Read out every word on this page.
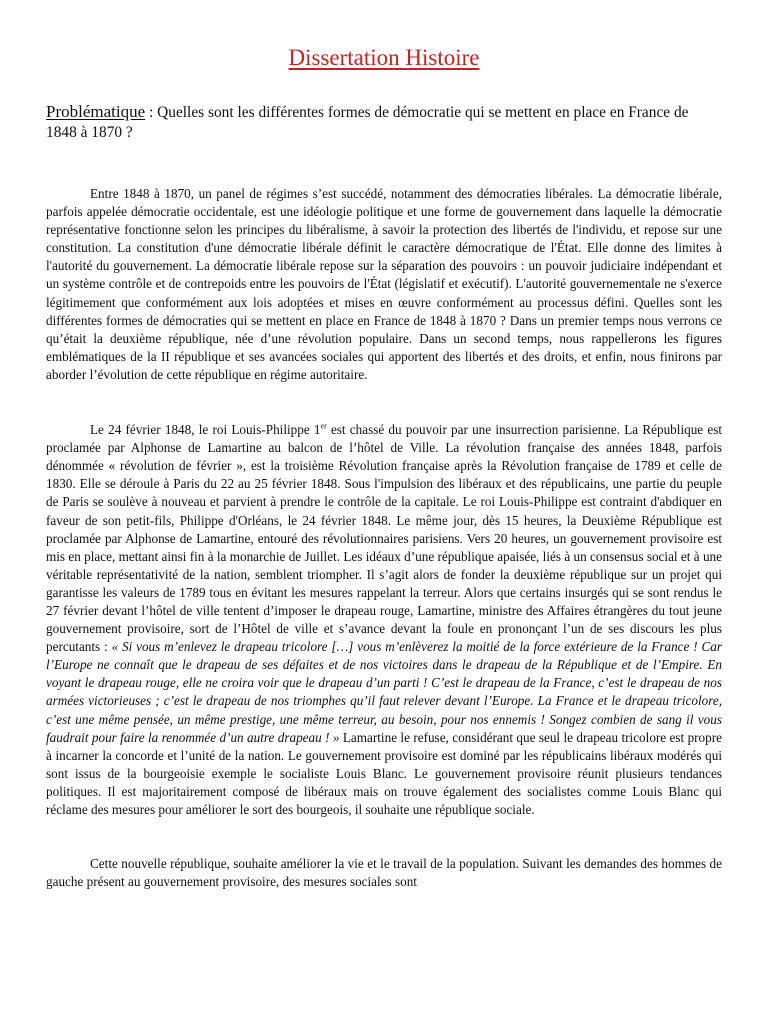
Dissertation Histoire

Problématique : Quelles sont les différentes formes de démocratie qui se mettent en place en France de 1848 à 1870 ?

Entre 1848 à 1870, un panel de régimes s’est succédé, notamment des démocraties libérales. La démocratie libérale, parfois appelée démocratie occidentale, est une idéologie politique et une forme de gouvernement dans laquelle la démocratie représentative fonctionne selon les principes du libéralisme, à savoir la protection des libertés de l'individu, et repose sur une constitution. La constitution d'une démocratie libérale définit le caractère démocratique de l'État. Elle donne des limites à l'autorité du gouvernement. La démocratie libérale repose sur la séparation des pouvoirs : un pouvoir judiciaire indépendant et un système contrôle et de contrepoids entre les pouvoirs de l'État (législatif et exécutif). L'autorité gouvernementale ne s'exerce légitimement que conformément aux lois adoptées et mises en œuvre conformément au processus défini. Quelles sont les différentes formes de démocraties qui se mettent en place en France de 1848 à 1870 ? Dans un premier temps nous verrons ce qu’était la deuxième république, née d’une révolution populaire. Dans un second temps, nous rappellerons les figures emblématiques de la II république et ses avancées sociales qui apportent des libertés et des droits, et enfin, nous finirons par aborder l’évolution de cette république en régime autoritaire.

Le 24 février 1848, le roi Louis-Philippe 1er est chassé du pouvoir par une insurrection parisienne. La République est proclamée par Alphonse de Lamartine au balcon de l’hôtel de Ville. La révolution française des années 1848, parfois dénommée « révolution de février », est la troisième Révolution française après la Révolution française de 1789 et celle de 1830. Elle se déroule à Paris du 22 au 25 février 1848. Sous l'impulsion des libéraux et des républicains, une partie du peuple de Paris se soulève à nouveau et parvient à prendre le contrôle de la capitale. Le roi Louis-Philippe est contraint d'abdiquer en faveur de son petit-fils, Philippe d'Orléans, le 24 février 1848. Le même jour, dès 15 heures, la Deuxième République est proclamée par Alphonse de Lamartine, entouré des révolutionnaires parisiens. Vers 20 heures, un gouvernement provisoire est mis en place, mettant ainsi fin à la monarchie de Juillet. Les idéaux d’une république apaisée, liés à un consensus social et à une véritable représentativité de la nation, semblent triompher. Il s’agit alors de fonder la deuxième république sur un projet qui garantisse les valeurs de 1789 tous en évitant les mesures rappelant la terreur. Alors que certains insurgés qui se sont rendus le 27 février devant l’hôtel de ville tentent d’imposer le drapeau rouge, Lamartine, ministre des Affaires étrangères du tout jeune gouvernement provisoire, sort de l’Hôtel de ville et s’avance devant la foule en prononçant l’un de ses discours les plus percutants : « Si vous m’enlevez le drapeau tricolore […] vous m’enlèverez la moitié de la force extérieure de la France ! Car l’Europe ne connaît que le drapeau de ses défaites et de nos victoires dans le drapeau de la République et de l’Empire. En voyant le drapeau rouge, elle ne croira voir que le drapeau d’un parti ! C’est le drapeau de la France, c’est le drapeau de nos armées victorieuses ; c’est le drapeau de nos triomphes qu’il faut relever devant l’Europe. La France et le drapeau tricolore, c’est une même pensée, un même prestige, une même terreur, au besoin, pour nos ennemis ! Songez combien de sang il vous faudrait pour faire la renommée d’un autre drapeau ! » Lamartine le refuse, considérant que seul le drapeau tricolore est propre à incarner la concorde et l’unité de la nation. Le gouvernement provisoire est dominé par les républicains libéraux modérés qui sont issus de la bourgeoisie exemple le socialiste Louis Blanc. Le gouvernement provisoire réunit plusieurs tendances politiques. Il est majoritairement composé de libéraux mais on trouve également des socialistes comme Louis Blanc qui réclame des mesures pour améliorer le sort des bourgeois, il souhaite une république sociale.

Cette nouvelle république, souhaite améliorer la vie et le travail de la population. Suivant les demandes des hommes de gauche présent au gouvernement provisoire, des mesures sociales sont
